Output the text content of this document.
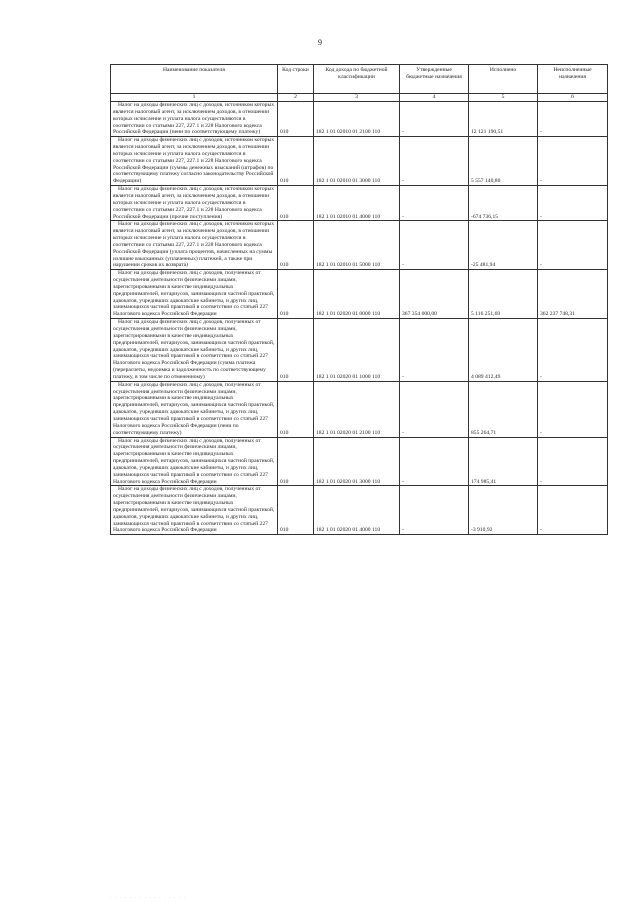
9
Наименование показателя	Код строки	Код дохода по бюджетной классификации	Утвержденные бюджетные назначения	Исполнено	Неисполненные назначения
1	2	3	4	5	6
Налог на доходы физических лиц с доходов, источником которых является налоговый агент, за исключением доходов, в отношении которых исчисление и уплата налога осуществляются в соответствии со статьями 227, 227.1 и 228 Налогового кодекса Российской Федерации (пени по соответствующему платежу)	010	182 1 01 02010 01 2100 110	-	12 121 190,51	-
Налог на доходы физических лиц с доходов, источником которых является налоговый агент, за исключением доходов, в отношении которых исчисление и уплата налога осуществляются в соответствии со статьями 227, 227.1 и 228 Налогового кодекса Российской Федерации (суммы денежных взысканий (штрафов) по соответствующему платежу согласно законодательству Российской Федерации)	010	182 1 01 02010 01 3000 110	-	5 557 140,80	-
Налог на доходы физических лиц с доходов, источником которых является налоговый агент, за исключением доходов, в отношении которых исчисление и уплата налога осуществляются в соответствии со статьями 227, 227.1 и 228 Налогового кодекса Российской Федерации (прочие поступления)	010	182 1 01 02010 01 4000 110	-	-674 736,15	-
Налог на доходы физических лиц с доходов, источником которых является налоговый агент, за исключением доходов, в отношении которых исчисление и уплата налога осуществляются в соответствии со статьями 227, 227.1 и 228 Налогового кодекса Российской Федерации (уплата процентов, начисленных на суммы излишне взысканных (уплаченных) платежей, а также при нарушении сроков их возврата)	010	182 1 01 02010 01 5000 110	-	-25 481,94	-
Налог на доходы физических лиц с доходов, полученных от осуществления деятельности физическими лицами, зарегистрированными в качестве индивидуальных предпринимателей, нотариусов, занимающихся частной практикой, адвокатов, учредивших адвокатские кабинеты, и других лиц, занимающихся частной практикой в соответствии со статьей 227 Налогового кодекса Российской Федерации	010	182 1 01 02020 01 0000 110	367 354 000,00	5 116 251,69	362 237 748,31
Налог на доходы физических лиц с доходов, полученных от осуществления деятельности физическими лицами, зарегистрированными в качестве индивидуальных предпринимателей, нотариусов, занимающихся частной практикой, адвокатов, учредивших адвокатские кабинеты, и других лиц, занимающихся частной практикой в соответствии со статьей 227 Налогового кодекса Российской Федерации (сумма платежа (перерасчеты, недоимка и задолженность по соответствующему платежу, в том числе по отмененному)	010	182 1 01 02020 01 1000 110	-	4 089 412,49	-
Налог на доходы физических лиц с доходов, полученных от осуществления деятельности физическими лицами, зарегистрированными в качестве индивидуальных предпринимателей, нотариусов, занимающихся частной практикой, адвокатов, учредивших адвокатские кабинеты, и других лиц, занимающихся частной практикой в соответствии со статьей 227 Налогового кодекса Российской Федерации (пени по соответствующему платежу)	010	182 1 01 02020 01 2100 110	-	855 264,71	-
Налог на доходы физических лиц с доходов, полученных от осуществления деятельности физическими лицами, зарегистрированными в качестве индивидуальных предпринимателей, нотариусов, занимающихся частной практикой, адвокатов, учредивших адвокатские кабинеты, и других лиц, занимающихся частной практикой в соответствии со статьей 227 Налогового кодекса Российской Федерации	010	182 1 01 02020 01 3000 110	-	174 985,41	-
Налог на доходы физических лиц с доходов, полученных от осуществления деятельности физическими лицами, зарегистрированными в качестве индивидуальных предпринимателей, нотариусов, занимающихся частной практикой, адвокатов, учредивших адвокатские кабинеты, и других лиц, занимающихся частной практикой в соответствии со статьей 227 Налогового кодекса Российской Федерации	010	182 1 01 02020 01 4000 110	-	-3 910,92	-
· · · · · · · · · · · · · · · ·
